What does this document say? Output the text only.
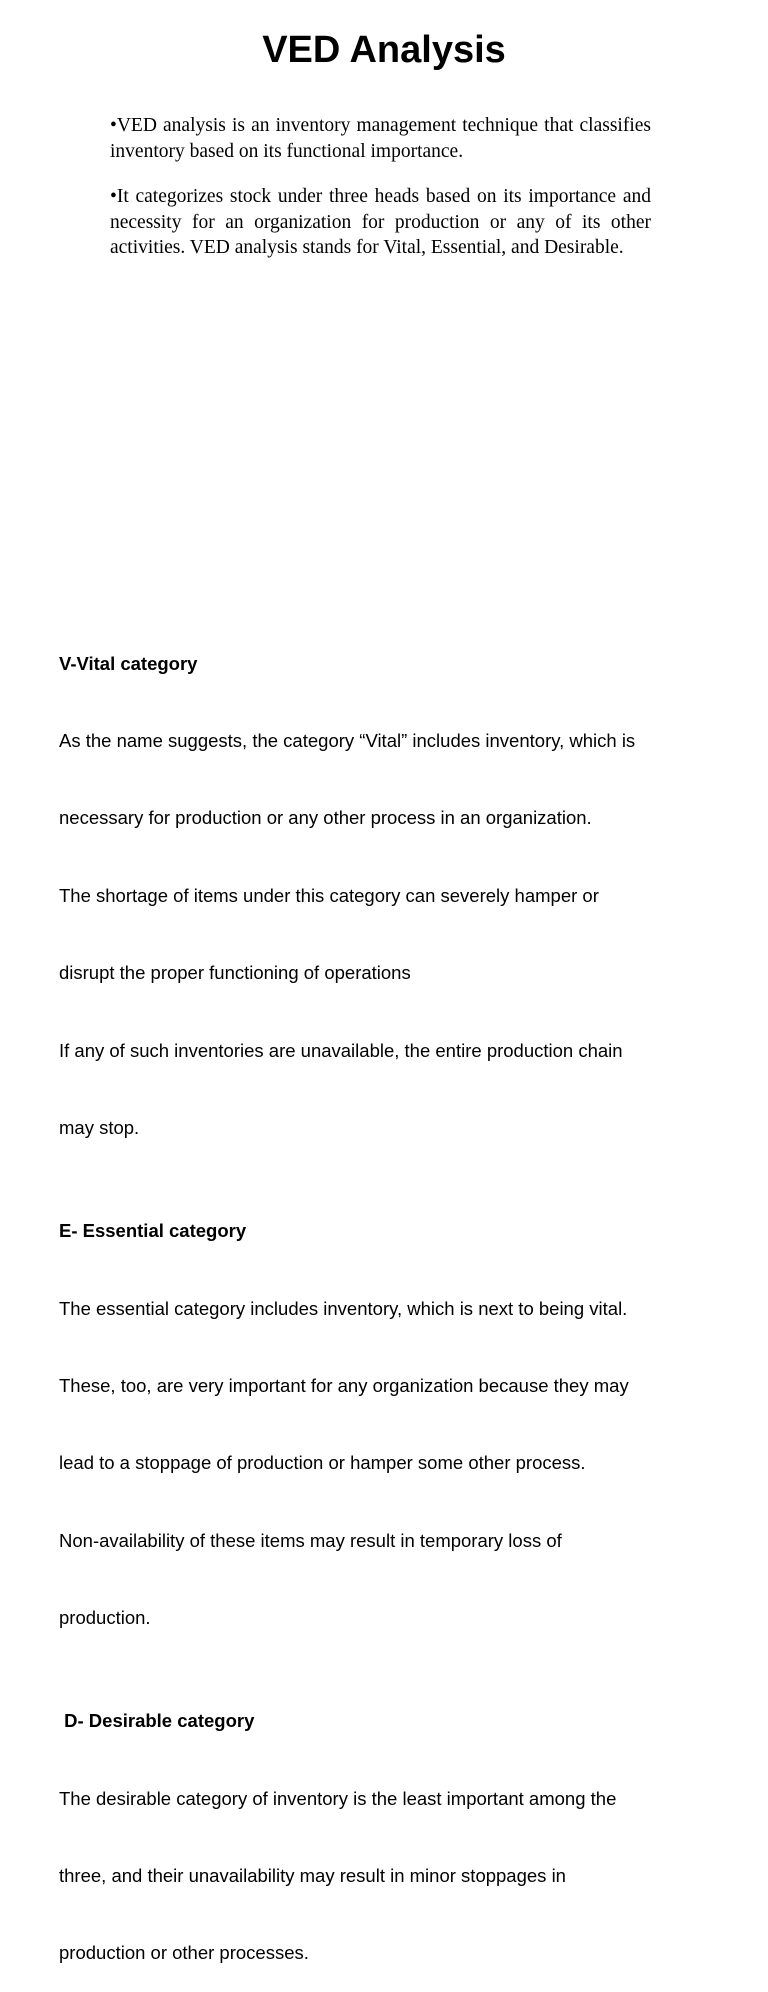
VED Analysis
•VED analysis is an inventory management technique that classifies inventory based on its functional importance.
•It categorizes stock under three heads based on its importance and necessity for an organization for production or any of its other activities. VED analysis stands for Vital, Essential, and Desirable.

V-Vital category

As the name suggests, the category “Vital” includes inventory, which is

necessary for production or any other process in an organization.

The shortage of items under this category can severely hamper or

disrupt the proper functioning of operations

If any of such inventories are unavailable, the entire production chain

may stop.

E- Essential category

The essential category includes inventory, which is next to being vital.

These, too, are very important for any organization because they may

lead to a stoppage of production or hamper some other process.

Non-availability of these items may result in temporary loss of

production.

D- Desirable category

The desirable category of inventory is the least important among the

three, and their unavailability may result in minor stoppages in

production or other processes.
